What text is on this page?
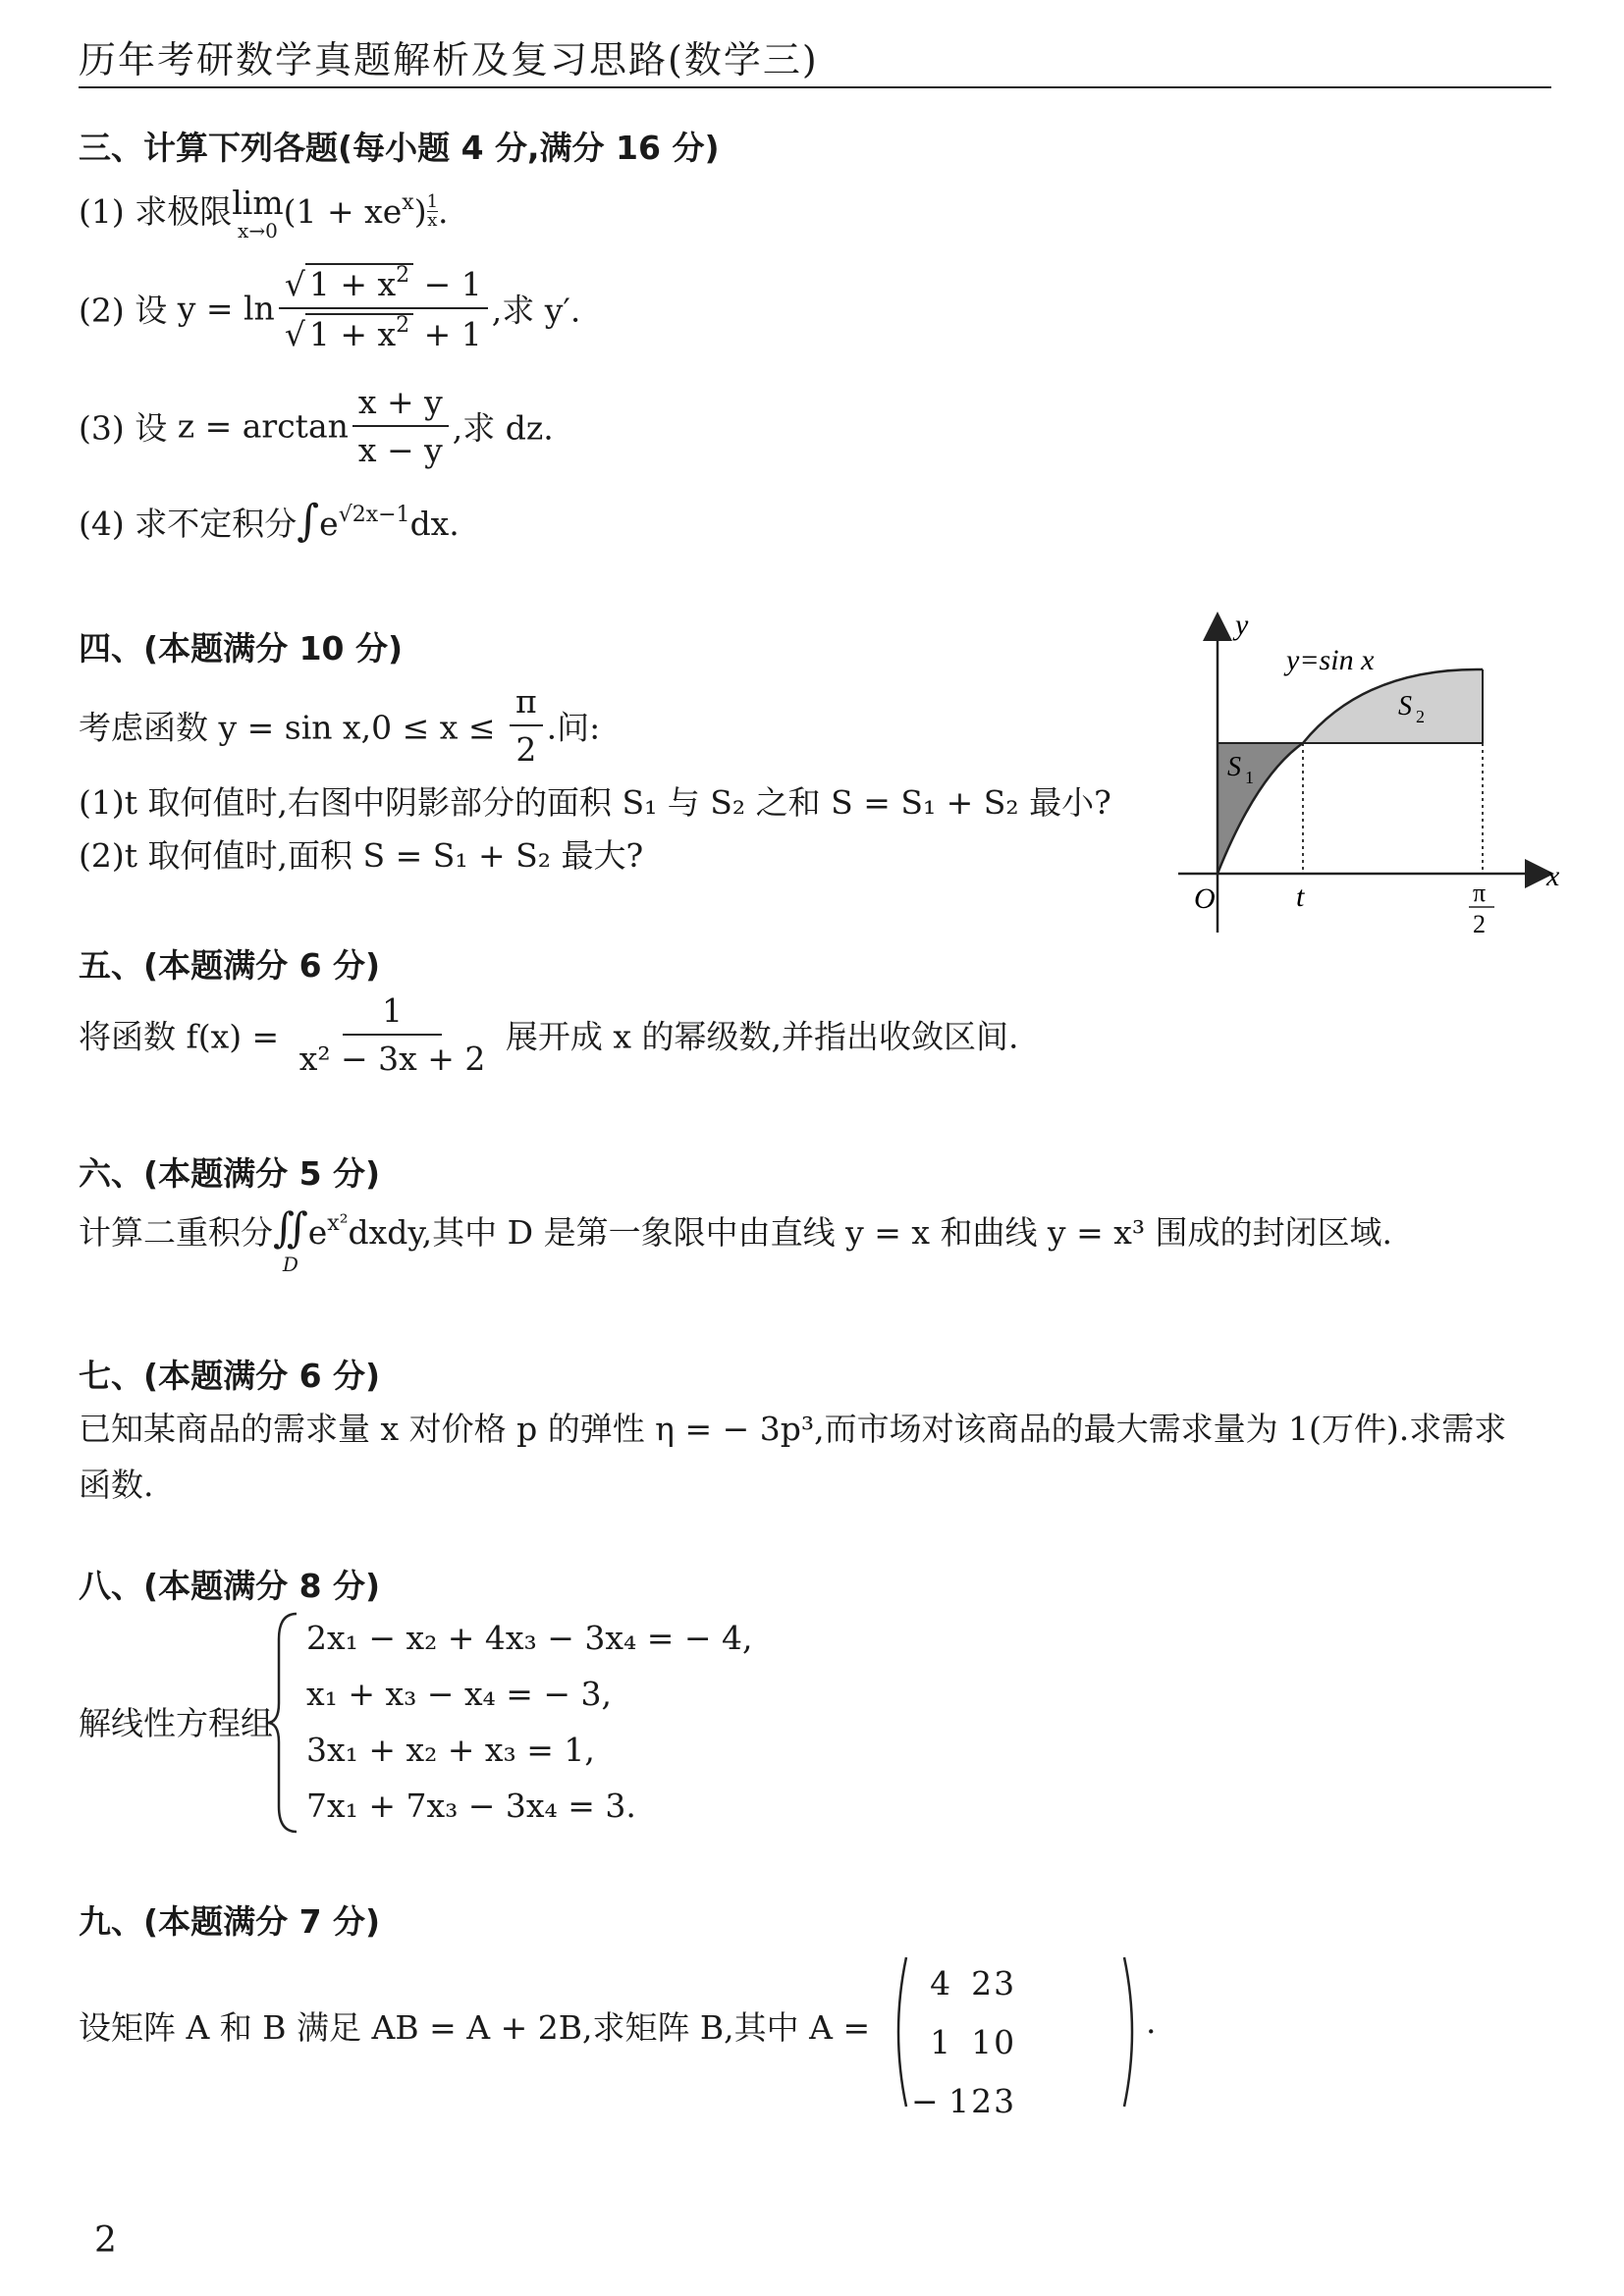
历年考研数学真题解析及复习思路(数学三)
三、计算下列各题(每小题 4 分,满分 16 分)
(1) 求极限 lim
x→0 $(1 + xe^x) \frac{1}{x}$ .
(2) 设 $y = \ln \frac{√ 1 + x^2 - 1}{√ 1 + x^2 + 1}$ ,求 y′.
(3) 设 $z = \arctan \frac{x + y}{x - y}$ ,求 dz.
(4) 求不定积分$\int e^{√2x-1}dx$.
四、(本题满分 10 分)
考虑函数 $y = \sin x,0 \le x \le \frac{\pi}{2}$ .问:
(1)t 取何值时,右图中阴影部分的面积 S₁ 与 S₂ 之和 S = S₁ + S₂ 最小?
(2)t 取何值时,面积 S = S₁ + S₂ 最大?
y
x
O	t
y=sin x
S 1
S 2
π
2
五、(本题满分 6 分)
将函数 $f(x) = \frac{1}{\text{x² − 3x + 2}}$ 展开成 x 的幂级数,并指出收敛区间.
六、(本题满分 5 分)
计算二重积分 ∬
D
$e^{x^2}dxdy$,其中 D 是第一象限中由直线 y = x 和曲线 y = x³ 围成的封闭区域.
七、(本题满分 6 分)
已知某商品的需求量 x 对价格 p 的弹性 η = − 3p³,而市场对该商品的最大需求量为 1(万件).求需求
函数.
八、(本题满分 8 分)
解线性方程组
2x₁ − x₂ + 4x₃ − 3x₄ = − 4,
x₁ + x₃ − x₄ = − 3,
3x₁ + x₂ + x₃ = 1,
7x₁ + 7x₃ − 3x₄ = 3.
九、(本题满分 7 分)
设矩阵 A 和 B 满足 AB = A + 2B,求矩阵 B,其中 A =
4	2	3
1	1	0
− 1	2	3
.
2
